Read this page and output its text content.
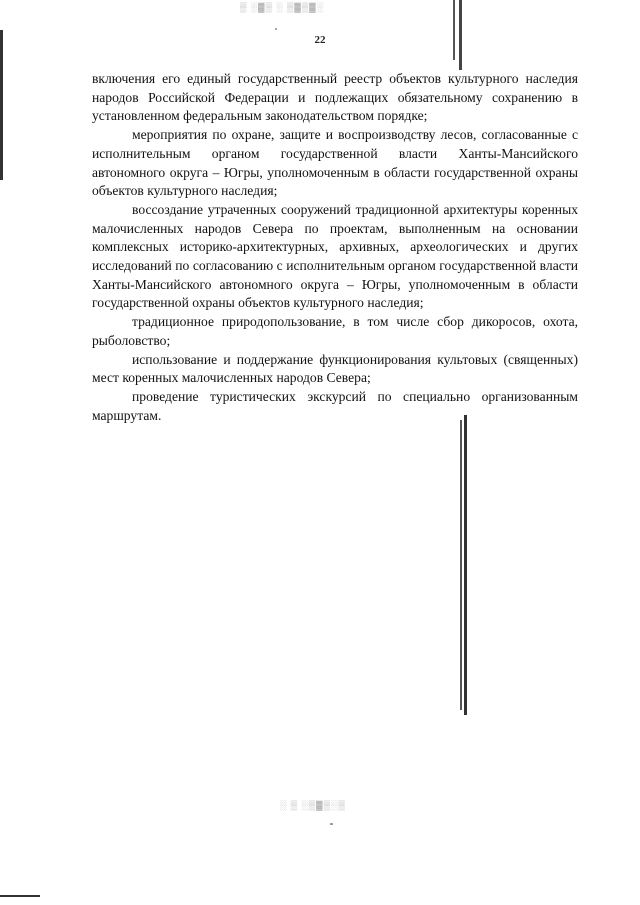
▒ ░▓▒ ░ ▒▓▒▓░
░ ▒ ░▒▓▒░▒
22

включения его единый государственный реестр объектов культурного наследия народов Российской Федерации и подлежащих обязательному сохранению в установленном федеральным законодательством порядке;

мероприятия по охране, защите и воспроизводству лесов, согласованные с исполнительным органом государственной власти Ханты-Мансийского автономного округа – Югры, уполномоченным в области государственной охраны объектов культурного наследия;

воссоздание утраченных сооружений традиционной архитектуры коренных малочисленных народов Севера по проектам, выполненным на основании комплексных историко-архитектурных, архивных, археологических и других исследований по согласованию с исполнительным органом государственной власти Ханты-Мансийского автономного округа – Югры, уполномоченным в области государственной охраны объектов культурного наследия;

традиционное природопользование, в том числе сбор дикоросов, охота, рыболовство;

использование и поддержание функционирования культовых (священных) мест коренных малочисленных народов Севера;

проведение туристических экскурсий по специально организованным маршрутам.
